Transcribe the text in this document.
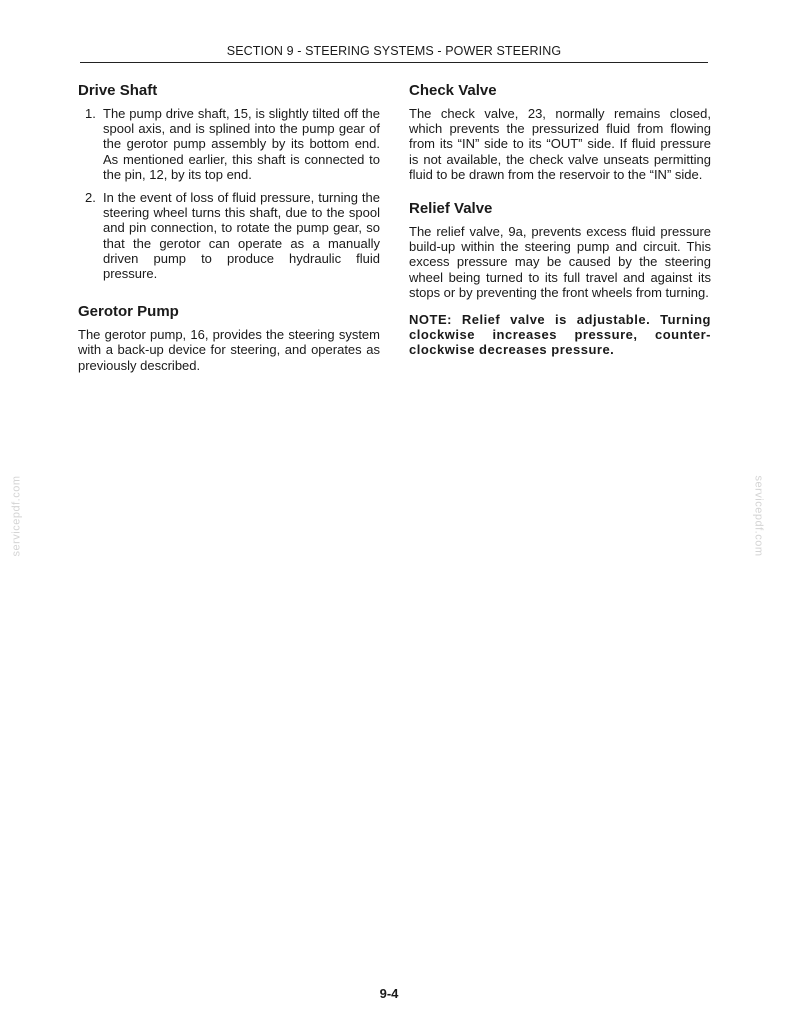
SECTION 9 - STEERING SYSTEMS - POWER STEERING
Drive Shaft
1. The pump drive shaft, 15, is slightly tilted off the spool axis, and is splined into the pump gear of the gerotor pump assembly by its bottom end. As mentioned earlier, this shaft is connected to the pin, 12, by its top end.
2. In the event of loss of fluid pressure, turning the steering wheel turns this shaft, due to the spool and pin connection, to rotate the pump gear, so that the gerotor can operate as a manually driven pump to produce hydraulic fluid pressure.
Gerotor Pump

The gerotor pump, 16, provides the steering system with a back-up device for steering, and operates as previously described.

Check Valve

The check valve, 23, normally remains closed, which prevents the pressurized fluid from flowing from its “IN” side to its “OUT” side. If fluid pressure is not available, the check valve unseats permitting fluid to be drawn from the reservoir to the “IN” side.

Relief Valve

The relief valve, 9a, prevents excess fluid pressure build-up within the steering pump and circuit. This excess pressure may be caused by the steering wheel being turned to its full travel and against its stops or by preventing the front wheels from turning.

NOTE: Relief valve is adjustable. Turning clockwise increases pressure, counter-clockwise decreases pressure.

servicepdf.com	servicepdf.com
9-4
